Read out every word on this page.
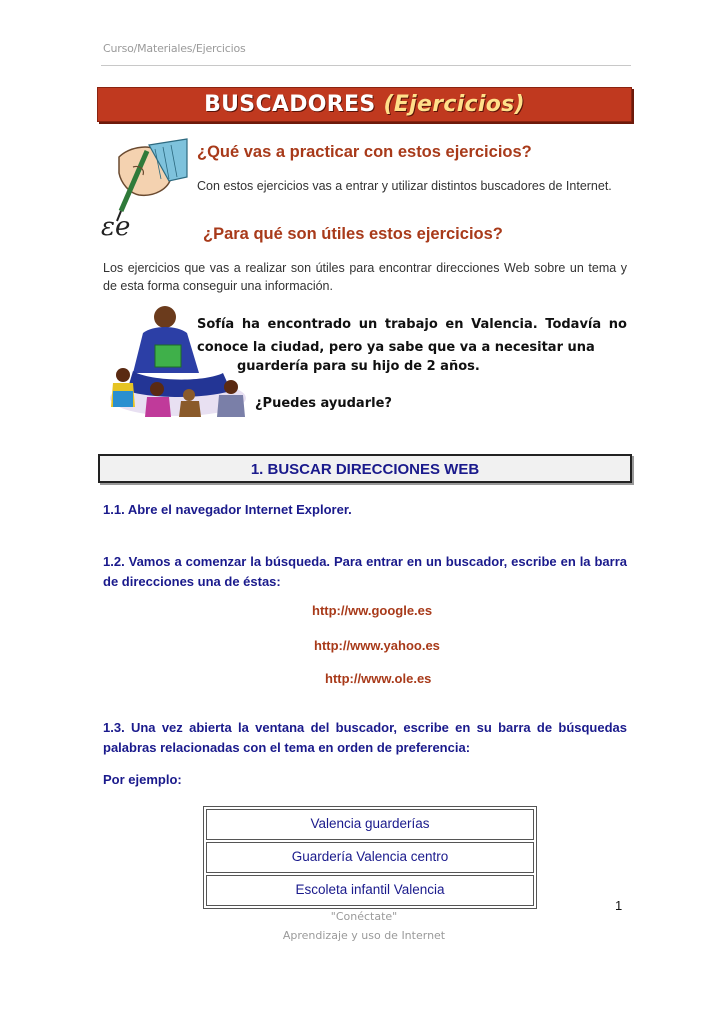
Curso/Materiales/Ejercicios
BUSCADORES (Ejercicios)
ɛe
¿Qué vas a practicar con estos ejercicios?
Con estos ejercicios vas a entrar y utilizar distintos buscadores de Internet.
¿Para qué son útiles estos ejercicios?
Los ejercicios que vas a realizar son útiles para encontrar direcciones Web sobre un tema y de esta forma conseguir una información.
Sofía ha encontrado un trabajo en Valencia. Todavía no conoce la ciudad, pero ya sabe que va a necesitar una
guardería para su hijo de 2 años.
¿Puedes ayudarle?
1. BUSCAR DIRECCIONES WEB
1.1. Abre el navegador Internet Explorer.
1.2. Vamos a comenzar la búsqueda. Para entrar en un buscador, escribe en la barra de direcciones una de éstas:
http://ww.google.es
http://www.yahoo.es
http://www.ole.es
1.3. Una vez abierta la ventana del buscador, escribe en su barra de búsquedas palabras relacionadas con el tema en orden de preferencia:
Por ejemplo:
Valencia guarderías
Guardería Valencia centro
Escoleta infantil Valencia
1
"Conéctate"
Aprendizaje y uso de Internet
